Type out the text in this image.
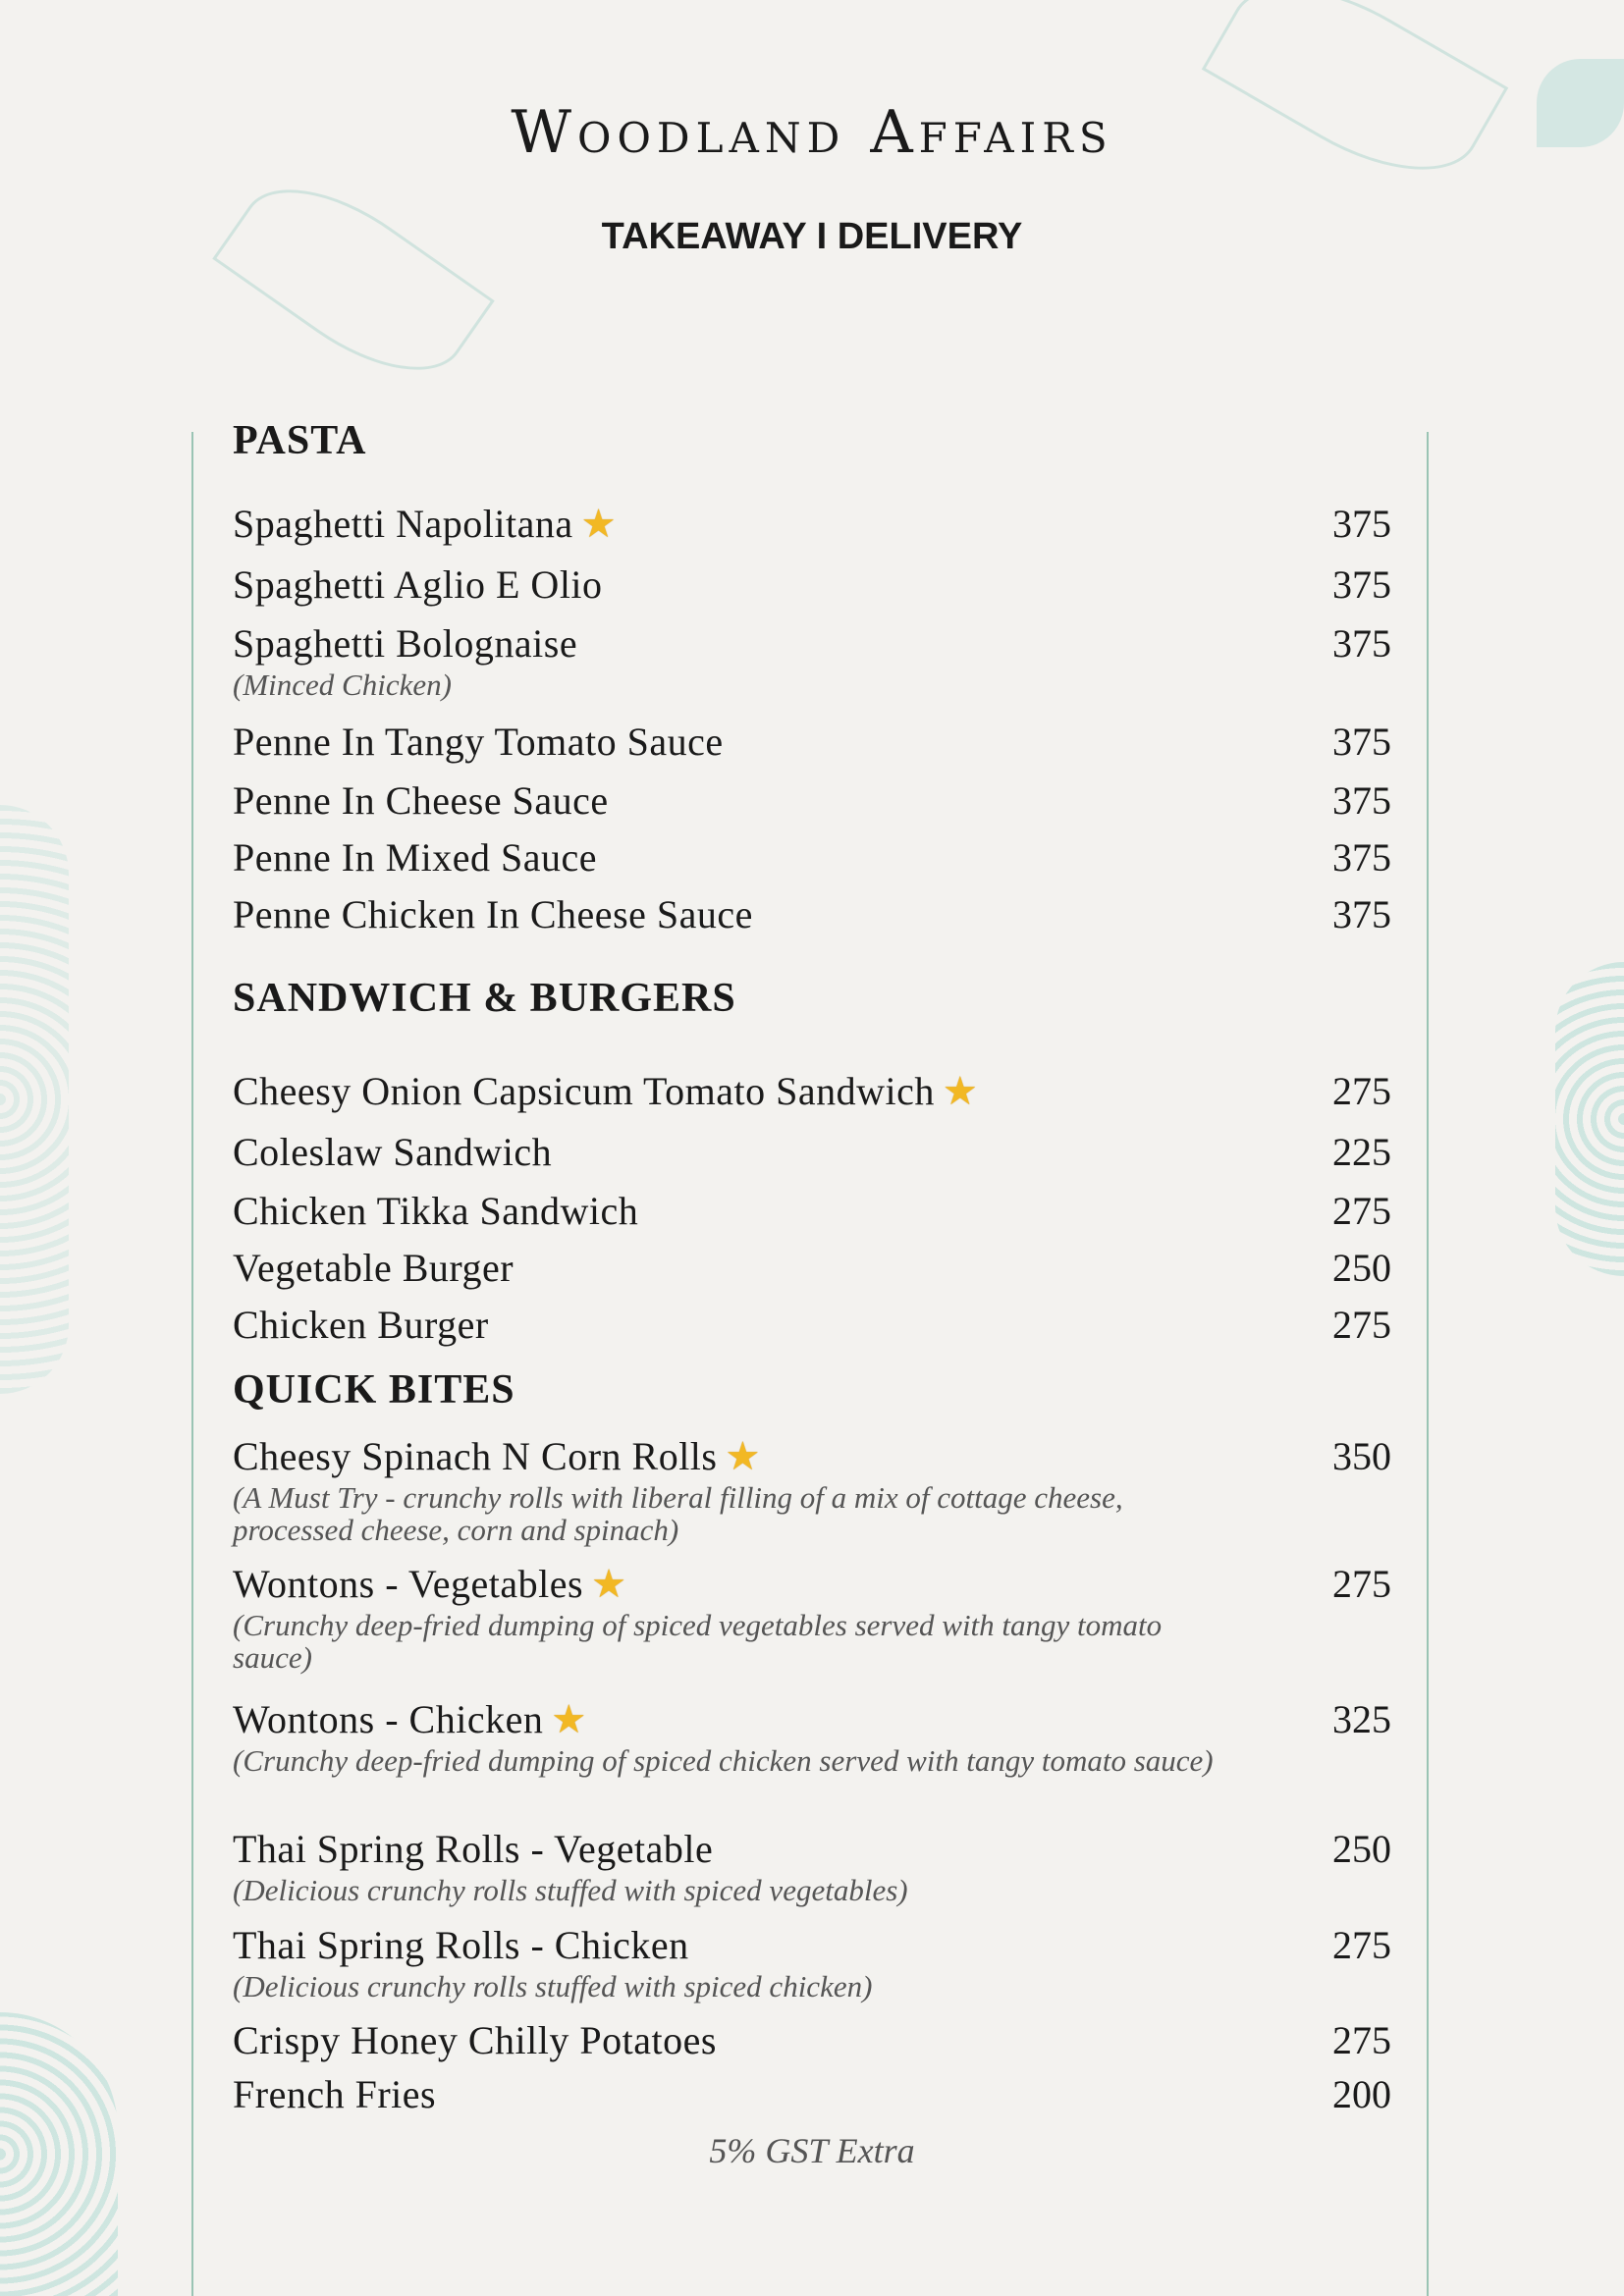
Woodland Affairs
TAKEAWAY I DELIVERY
PASTA
Spaghetti Napolitana ★	375
Spaghetti Aglio E Olio	375
Spaghetti Bolognaise	375
(Minced Chicken)
Penne In Tangy Tomato Sauce	375
Penne In Cheese Sauce	375
Penne In Mixed Sauce	375
Penne Chicken In Cheese Sauce	375
SANDWICH & BURGERS
Cheesy Onion Capsicum Tomato Sandwich ★	275
Coleslaw Sandwich	225
Chicken Tikka Sandwich	275
Vegetable Burger	250
Chicken Burger	275
QUICK BITES
Cheesy Spinach N Corn Rolls ★	350
(A Must Try - crunchy rolls with liberal filling of a mix of cottage cheese, processed cheese, corn and spinach)
Wontons - Vegetables ★	275
(Crunchy deep-fried dumping of spiced vegetables served with tangy tomato sauce)
Wontons - Chicken ★	325
(Crunchy deep-fried dumping of spiced chicken served with tangy tomato sauce)
Thai Spring Rolls - Vegetable	250
(Delicious crunchy rolls stuffed with spiced vegetables)
Thai Spring Rolls - Chicken	275
(Delicious crunchy rolls stuffed with spiced chicken)
Crispy Honey Chilly Potatoes	275
French Fries	200
5% GST Extra
